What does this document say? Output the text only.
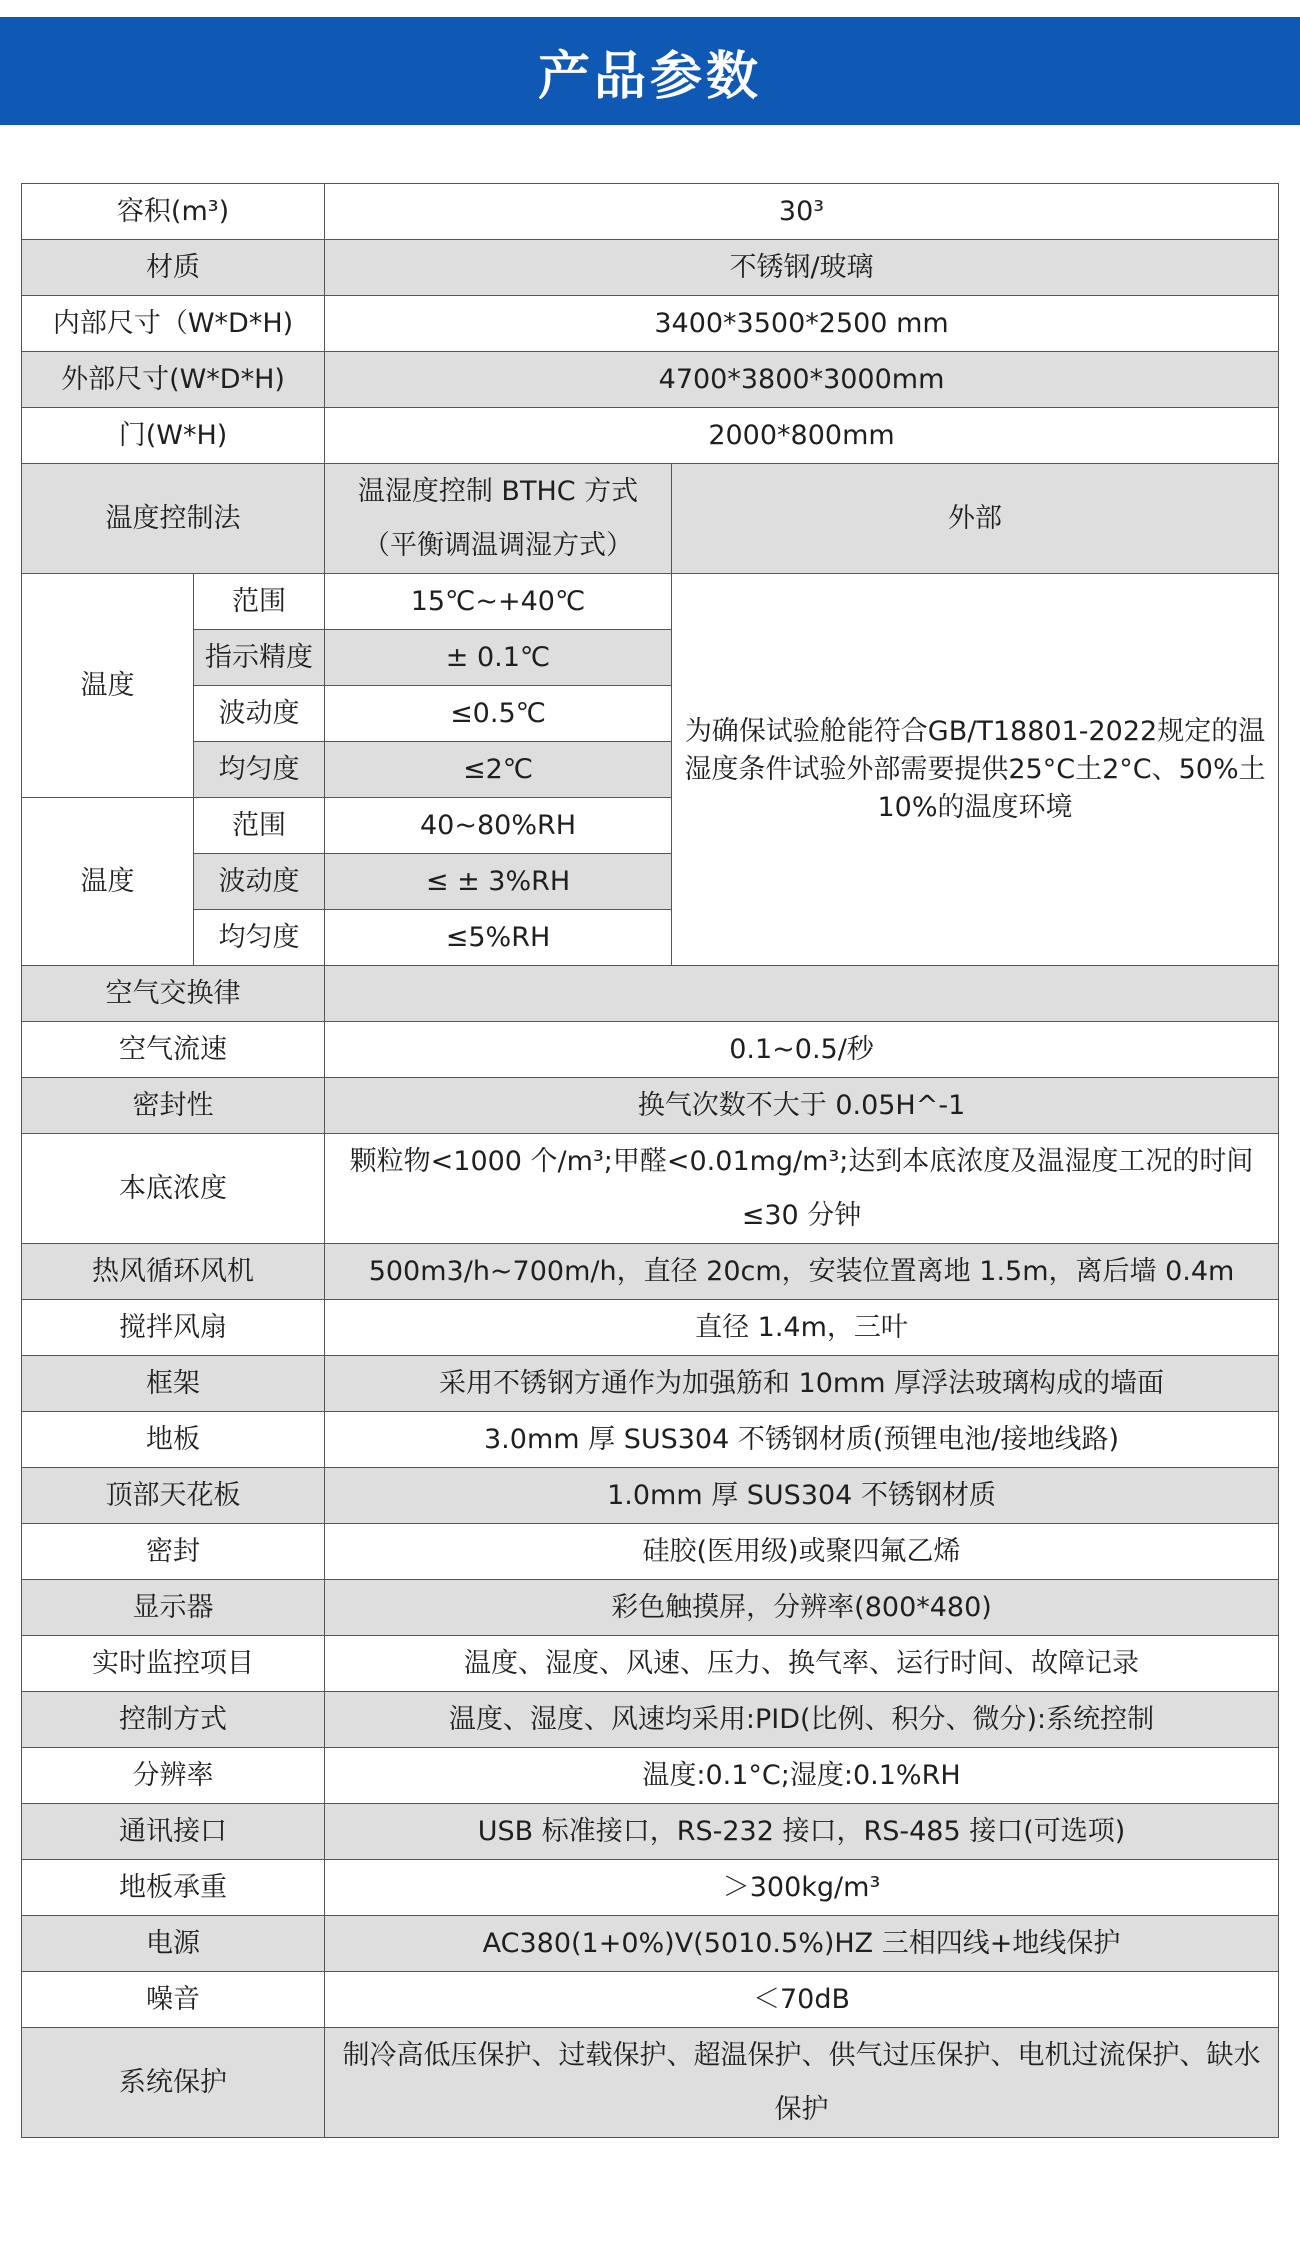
产品参数
容积(m³)		30³	
材质		不锈钢/玻璃	
内部尺寸（W*D*H)		3400*3500*2500 mm	
外部尺寸(W*D*H)		4700*3800*3000mm	
门(W*H)		2000*800mm	
温度控制法		温湿度控制 BTHC 方式（平衡调温调湿方式）	外部
温度	范围	15℃~+40℃	为确保试验舱能符合GB/T18801-2022规定的温湿度条件试验外部需要提供25°C土2°C、50%土10%的温度环境
	指示精度	± 0.1℃	
	波动度	≤0.5℃	
	均匀度	≤2℃	
温度	范围	40~80%RH	
	波动度	≤ ± 3%RH	
	均匀度	≤5%RH	
空气交换律			
空气流速		0.1~0.5/秒	
密封性		换气次数不大于 0.05H^-1	
本底浓度		颗粒物<1000 个/m³;甲醛<0.01mg/m³;达到本底浓度及温湿度工况的时间≤30 分钟	
热风循环风机		500m3/h~700m/h，直径 20cm，安装位置离地 1.5m，离后墙 0.4m	
搅拌风扇		直径 1.4m，三叶	
框架		采用不锈钢方通作为加强筋和 10mm 厚浮法玻璃构成的墙面	
地板		3.0mm 厚 SUS304 不锈钢材质(预锂电池/接地线路)	
顶部天花板		1.0mm 厚 SUS304 不锈钢材质	
密封		硅胶(医用级)或聚四氟乙烯	
显示器		彩色触摸屏，分辨率(800*480)	
实时监控项目		温度、湿度、风速、压力、换气率、运行时间、故障记录	
控制方式		温度、湿度、风速均采用:PID(比例、积分、微分):系统控制	
分辨率		温度:0.1°C;湿度:0.1%RH	
通讯接口		USB 标准接口，RS-232 接口，RS-485 接口(可选项)	
地板承重		＞300kg/m³	
电源		AC380(1+0%)V(5010.5%)HZ 三相四线+地线保护	
噪音		＜70dB	
系统保护		制冷高低压保护、过载保护、超温保护、供气过压保护、电机过流保护、缺水保护	
